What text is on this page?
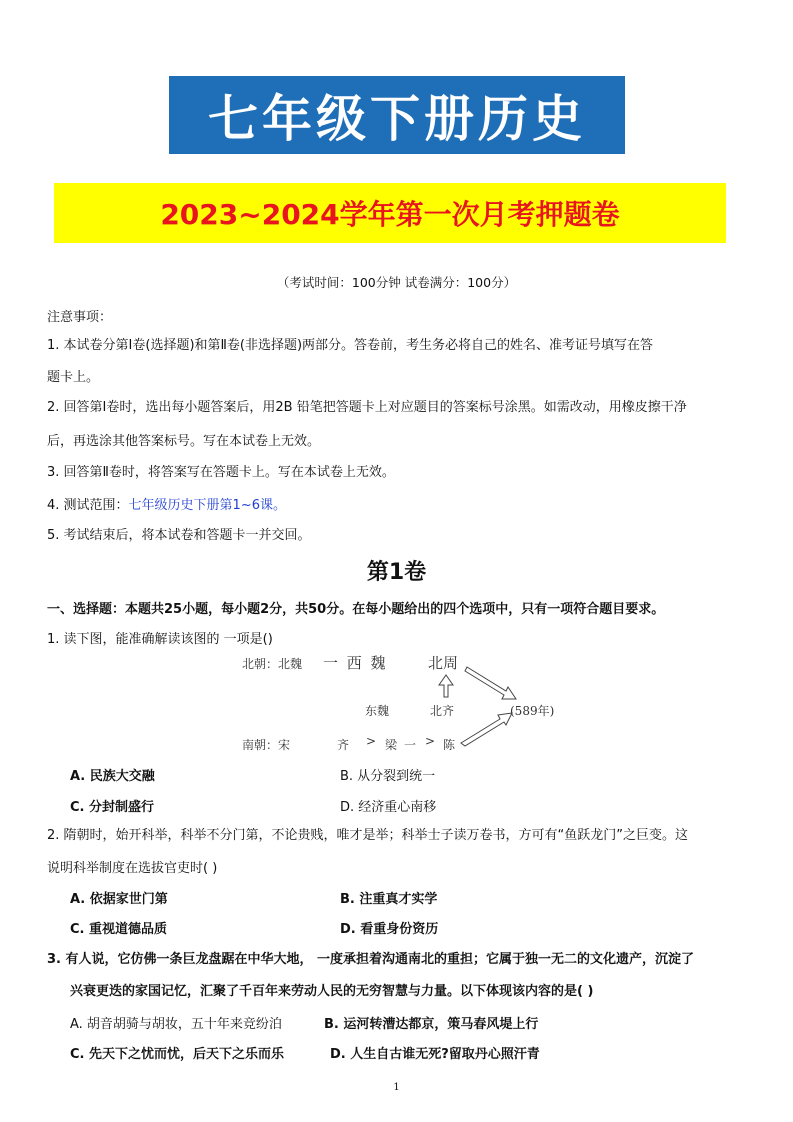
七年级下册历史
2023~2024学年第一次月考押题卷
（考试时间：100分钟 试卷满分：100分）
注意事项：
1. 本试卷分第Ⅰ卷(选择题)和第Ⅱ卷(非选择题)两部分。答卷前，考生务必将自己的姓名、准考证号填写在答
题卡上。
2. 回答第Ⅰ卷时，选出每小题答案后，用2B 铅笔把答题卡上对应题目的答案标号涂黑。如需改动，用橡皮擦干净
后，再选涂其他答案标号。写在本试卷上无效。
3. 回答第Ⅱ卷时，将答案写在答题卡上。写在本试卷上无效。
4. 测试范围：七年级历史下册第1~6课。
5. 考试结束后，将本试卷和答题卡一并交回。
第1卷
一、选择题：本题共25小题，每小题2分，共50分。在每小题给出的四个选项中，只有一项符合题目要求。
1. 读下图，能准确解读该图的 一项是()
北朝：北魏 一 西 魏	北周
东魏	北齐	(589年)
南朝：宋	齐 > 梁 一 > 陈
A. 民族大交融	B. 从分裂到统一
C. 分封制盛行	D. 经济重心南移
2. 隋朝时，始开科举，科举不分门第，不论贵贱，唯才是举；科举士子读万卷书，方可有“鱼跃龙门”之巨变。这
说明科举制度在选拔官吏时( )
A. 依据家世门第	B. 注重真才实学
C. 重视道德品质	D. 看重身份资历
3. 有人说，它仿佛一条巨龙盘踞在中华大地， 一度承担着沟通南北的重担；它属于独一无二的文化遗产，沉淀了
兴衰更迭的家国记忆，汇聚了千百年来劳动人民的无穷智慧与力量。以下体现该内容的是( )
A. 胡音胡骑与胡妆，五十年来竞纷泊	B. 运河转漕达都京，策马春风堤上行
C. 先天下之忧而忧，后天下之乐而乐	D. 人生自古谁无死?留取丹心照汗青
1
